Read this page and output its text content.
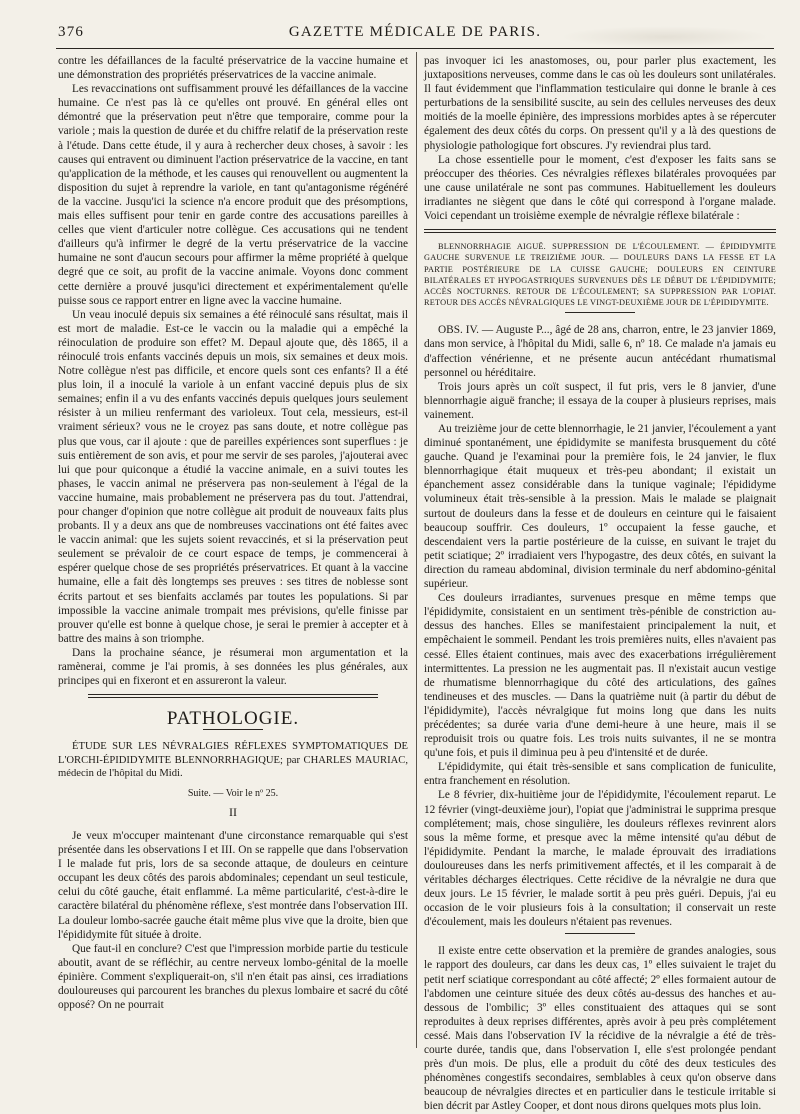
376	GAZETTE MÉDICALE DE PARIS.

contre les défaillances de la faculté préservatrice de la vaccine humaine et une démonstration des propriétés préservatrices de la vaccine animale.

Les revaccinations ont suffisamment prouvé les défaillances de la vaccine humaine. Ce n'est pas là ce qu'elles ont prouvé. En général elles ont démontré que la préservation peut n'être que temporaire, comme pour la variole ; mais la question de durée et du chiffre relatif de la préservation reste à l'étude. Dans cette étude, il y aura à rechercher deux choses, à savoir : les causes qui entravent ou diminuent l'action préservatrice de la vaccine, en tant qu'application de la méthode, et les causes qui renouvellent ou augmentent la disposition du sujet à reprendre la variole, en tant qu'antagonisme régénéré de la vaccine. Jusqu'ici la science n'a encore produit que des présomptions, mais elles suffisent pour tenir en garde contre des accusations pareilles à celles que vient d'articuler notre collègue. Ces accusations qui ne tendent d'ailleurs qu'à infirmer le degré de la vertu préservatrice de la vaccine humaine ne sont d'aucun secours pour affirmer la même propriété à quelque degré que ce soit, au profit de la vaccine animale. Voyons donc comment cette dernière a prouvé jusqu'ici directement et expérimentalement qu'elle puisse sous ce rapport entrer en ligne avec la vaccine humaine.

Un veau inoculé depuis six semaines a été réinoculé sans résultat, mais il est mort de maladie. Est-ce le vaccin ou la maladie qui a empêché la réinoculation de produire son effet? M. Depaul ajoute que, dès 1865, il a réinoculé trois enfants vaccinés depuis un mois, six semaines et deux mois. Notre collègue n'est pas difficile, et encore quels sont ces enfants? Il a été plus loin, il a inoculé la variole à un enfant vacciné depuis plus de six semaines; enfin il a vu des enfants vaccinés depuis quelques jours seulement résister à un milieu renfermant des varioleux. Tout cela, messieurs, est-il vraiment sérieux? vous ne le croyez pas sans doute, et notre collègue pas plus que vous, car il ajoute : que de pareilles expériences sont superflues : je suis entièrement de son avis, et pour me servir de ses paroles, j'ajouterai avec lui que pour quiconque a étudié la vaccine animale, en a suivi toutes les phases, le vaccin animal ne préservera pas non-seulement à l'égal de la vaccine humaine, mais probablement ne préservera pas du tout. J'attendrai, pour changer d'opinion que notre collègue ait produit de nouveaux faits plus probants. Il y a deux ans que de nombreuses vaccinations ont été faites avec le vaccin animal: que les sujets soient revaccinés, et si la préservation peut seulement se prévaloir de ce court espace de temps, je commencerai à espérer quelque chose de ses propriétés préservatrices. Et quant à la vaccine humaine, elle a fait dès longtemps ses preuves : ses titres de noblesse sont écrits partout et ses bienfaits acclamés par toutes les populations. Si par impossible la vaccine animale trompait mes prévisions, qu'elle finisse par prouver qu'elle est bonne à quelque chose, je serai le premier à accepter et à battre des mains à son triomphe.

Dans la prochaine séance, je résumerai mon argumentation et la ramènerai, comme je l'ai promis, à ses données les plus générales, aux principes qui en fixeront et en assureront la valeur.

PATHOLOGIE.

ÉTUDE SUR LES NÉVRALGIES RÉFLEXES SYMPTOMATIQUES DE L'ORCHI-ÉPIDIDYMITE BLENNORRHAGIQUE; par CHARLES MAURIAC, médecin de l'hôpital du Midi.

Suite. — Voir le nº 25.
II

Je veux m'occuper maintenant d'une circonstance remarquable qui s'est présentée dans les observations I et III. On se rappelle que dans l'observation I le malade fut pris, lors de sa seconde attaque, de douleurs en ceinture occupant les deux côtés des parois abdominales; cependant un seul testicule, celui du côté gauche, était enflammé. La même particularité, c'est-à-dire le caractère bilatéral du phénomène réflexe, s'est montrée dans l'observation III. La douleur lombo-sacrée gauche était même plus vive que la droite, bien que l'épididymite fût située à droite.

Que faut-il en conclure? C'est que l'impression morbide partie du testicule aboutit, avant de se réfléchir, au centre nerveux lombo-génital de la moelle épinière. Comment s'expliquerait-on, s'il n'en était pas ainsi, ces irradiations douloureuses qui parcourent les branches du plexus lombaire et sacré du côté opposé? On ne pourrait

pas invoquer ici les anastomoses, ou, pour parler plus exactement, les juxtapositions nerveuses, comme dans le cas où les douleurs sont unilatérales. Il faut évidemment que l'inflammation testiculaire qui donne le branle à ces perturbations de la sensibilité suscite, au sein des cellules nerveuses des deux moitiés de la moelle épinière, des impressions morbides aptes à se répercuter également des deux côtés du corps. On pressent qu'il y a là des questions de physiologie pathologique fort obscures. J'y reviendrai plus tard.

La chose essentielle pour le moment, c'est d'exposer les faits sans se préoccuper des théories. Ces névralgies réflexes bilatérales provoquées par une cause unilatérale ne sont pas communes. Habituellement les douleurs irradiantes ne siègent que dans le côté qui correspond à l'organe malade. Voici cependant un troisième exemple de névralgie réflexe bilatérale :

BLENNORRHAGIE AIGUË. SUPPRESSION DE L'ÉCOULEMENT. — ÉPIDIDYMITE GAUCHE SURVENUE LE TREIZIÈME JOUR. — DOULEURS DANS LA FESSE ET LA PARTIE POSTÉRIEURE DE LA CUISSE GAUCHE; DOULEURS EN CEINTURE BILATÉRALES ET HYPOGASTRIQUES SURVENUES DÈS LE DÉBUT DE L'ÉPIDIDYMITE; ACCÈS NOCTURNES. RETOUR DE L'ÉCOULEMENT; SA SUPPRESSION PAR L'OPIAT. RETOUR DES ACCÈS NÉVRALGIQUES LE VINGT-DEUXIÈME JOUR DE L'ÉPIDIDYMITE.

OBS. IV. — Auguste P..., âgé de 28 ans, charron, entre, le 23 janvier 1869, dans mon service, à l'hôpital du Midi, salle 6, nº 18. Ce malade n'a jamais eu d'affection vénérienne, et ne présente aucun antécédant rhumatismal personnel ou héréditaire.

Trois jours après un coït suspect, il fut pris, vers le 8 janvier, d'une blennorrhagie aiguë franche; il essaya de la couper à plusieurs reprises, mais vainement.

Au treizième jour de cette blennorrhagie, le 21 janvier, l'écoulement a yant diminué spontanément, une épididymite se manifesta brusquement du côté gauche. Quand je l'examinai pour la première fois, le 24 janvier, le flux blennorrhagique était muqueux et très-peu abondant; il existait un épanchement assez considérable dans la tunique vaginale; l'épididyme volumineux était très-sensible à la pression. Mais le malade se plaignait surtout de douleurs dans la fesse et de douleurs en ceinture qui le faisaient beaucoup souffrir. Ces douleurs, 1º occupaient la fesse gauche, et descendaient vers la partie postérieure de la cuisse, en suivant le trajet du petit sciatique; 2º irradiaient vers l'hypogastre, des deux côtés, en suivant la direction du rameau abdominal, division terminale du nerf abdomino-génital supérieur.

Ces douleurs irradiantes, survenues presque en même temps que l'épididymite, consistaient en un sentiment très-pénible de constriction au-dessus des hanches. Elles se manifestaient principalement la nuit, et empêchaient le sommeil. Pendant les trois premières nuits, elles n'avaient pas cessé. Elles étaient continues, mais avec des exacerbations irrégulièrement intermittentes. La pression ne les augmentait pas. Il n'existait aucun vestige de rhumatisme blennorrhagique du côté des articulations, des gaînes tendineuses et des muscles. — Dans la quatrième nuit (à partir du début de l'épididymite), l'accès névralgique fut moins long que dans les nuits précédentes; sa durée varia d'une demi-heure à une heure, mais il se reproduisit trois ou quatre fois. Les trois nuits suivantes, il ne se montra qu'une fois, et puis il diminua peu à peu d'intensité et de durée.

L'épididymite, qui était très-sensible et sans complication de funiculite, entra franchement en résolution.

Le 8 février, dix-huitième jour de l'épididymite, l'écoulement reparut. Le 12 février (vingt-deuxième jour), l'opiat que j'administrai le supprima presque complétement; mais, chose singulière, les douleurs réflexes revinrent alors sous la même forme, et presque avec la même intensité qu'au début de l'épididymite. Pendant la marche, le malade éprouvait des irradiations douloureuses dans les nerfs primitivement affectés, et il les comparait à de véritables décharges électriques. Cette récidive de la névralgie ne dura que deux jours. Le 15 février, le malade sortit à peu près guéri. Depuis, j'ai eu occasion de le voir plusieurs fois à la consultation; il conservait un reste d'écoulement, mais les douleurs n'étaient pas revenues.

Il existe entre cette observation et la première de grandes analogies, sous le rapport des douleurs, car dans les deux cas, 1º elles suivaient le trajet du petit nerf sciatique correspondant au côté affecté; 2º elles formaient autour de l'abdomen une ceinture située des deux côtés au-dessus des hanches et au-dessous de l'ombilic; 3º elles constituaient des attaques qui se sont reproduites à deux reprises différentes, après avoir à peu près complétement cessé. Mais dans l'observation IV la récidive de la névralgie a été de très-courte durée, tandis que, dans l'observation I, elle s'est prolongée pendant près d'un mois. De plus, elle a produit du côté des deux testicules des phénomènes congestifs secondaires, semblables à ceux qu'on observe dans beaucoup de névralgies directes et en particulier dans le testicule irritable si bien décrit par Astley Cooper, et dont nous dirons quelques mots plus loin.
